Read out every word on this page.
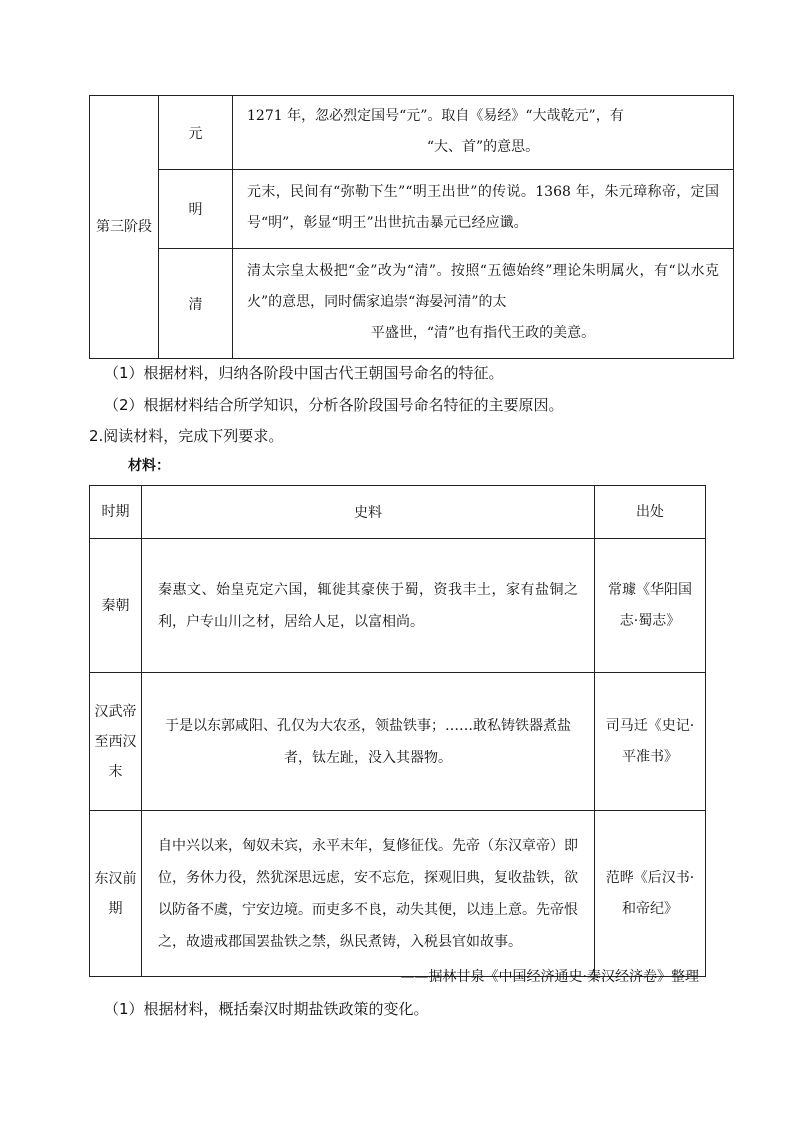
第三阶段	元	1271 年，忽必烈定国号“元”。取自《易经》“大哉乾元”，有
“大、首”的意思。

	明	元末，民间有“弥勒下生”“明王出世”的传说。1368 年，朱元璋称帝，定国号“明”，彰显“明王”出世抗击暴元已经应谶。
	清	清太宗皇太极把“金”改为“清”。按照“五德始终”理论朱明属火，有“以水克火”的意思，同时儒家追崇“海晏河清”的太
平盛世，“清”也有指代王政的美意。
（1）根据材料，归纳各阶段中国古代王朝国号命名的特征。
（2）根据材料结合所学知识，分析各阶段国号命名特征的主要原因。
2.阅读材料，完成下列要求。
材料：
时期	史料	出处
秦朝	秦惠文、始皇克定六国，辄徙其豪侠于蜀，资我丰土，家有盐铜之利，户专山川之材，居给人足，以富相尚。	常璩《华阳国志·蜀志》
汉武帝至西汉末	于是以东郭咸阳、孔仅为大农丞，领盐铁事；……敢私铸铁器煮盐者，钛左趾，没入其器物。	司马迁《史记·平准书》
东汉前期	自中兴以来，匈奴未宾，永平末年，复修征伐。先帝（东汉章帝）即位，务休力役，然犹深思远虑，安不忘危，探观旧典，复收盐铁，欲以防备不虞，宁安边境。而吏多不良，动失其便，以违上意。先帝恨之，故遗戒郡国罢盐铁之禁，纵民煮铸，入税县官如故事。	范晔《后汉书·和帝纪》
——据林甘泉《中国经济通史·秦汉经济卷》整理
（1）根据材料，概括秦汉时期盐铁政策的变化。
